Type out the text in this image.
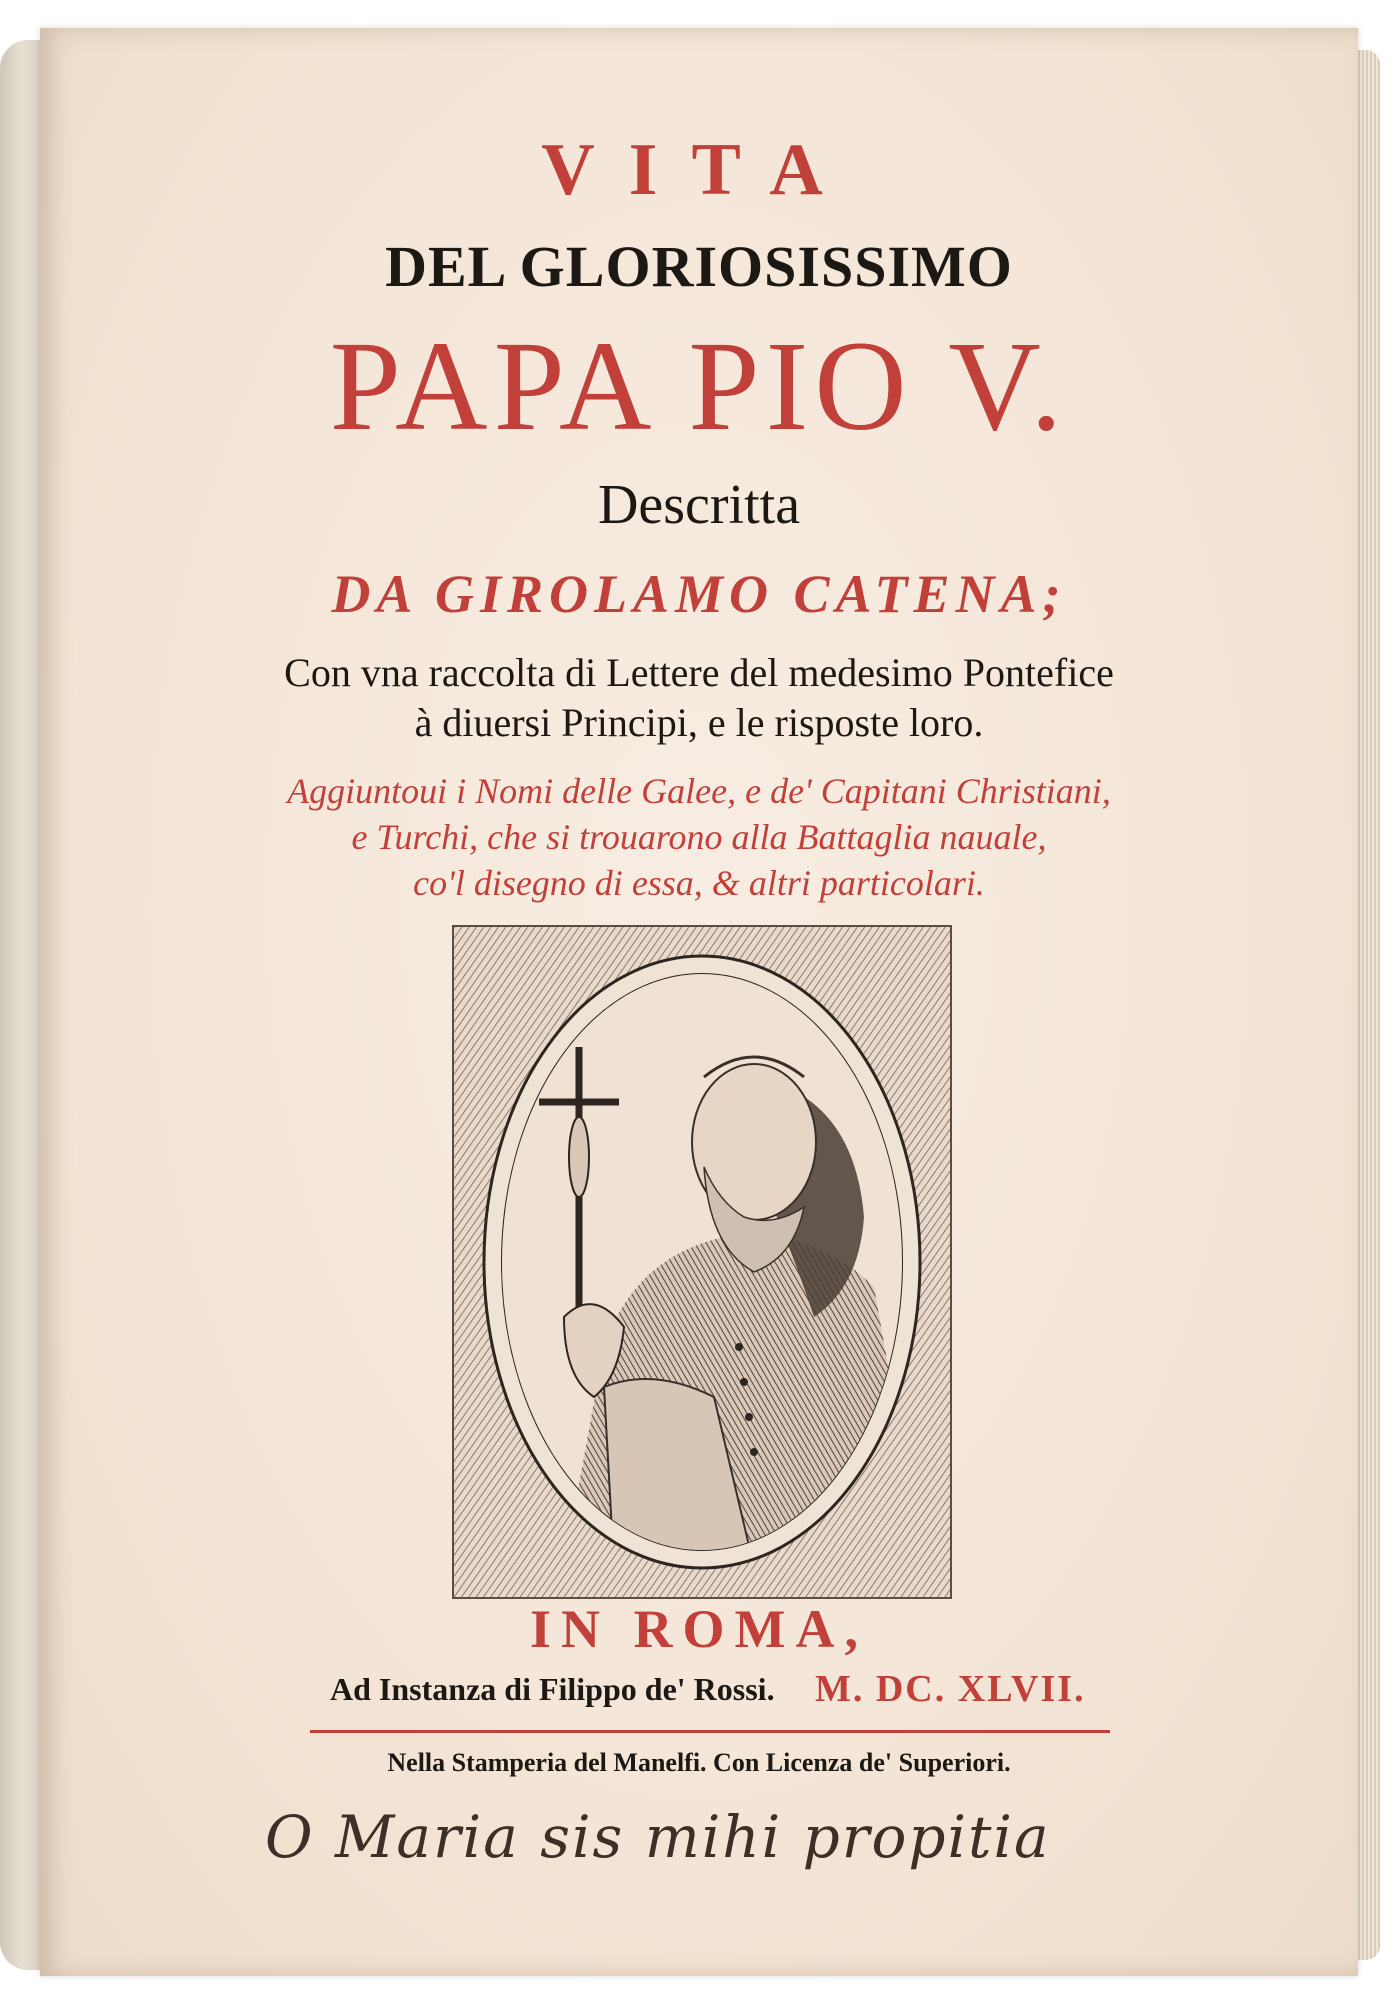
VITA
DEL GLORIOSISSIMO
PAPA PIO V.
Descritta
DA GIROLAMO CATENA;
Con vna raccolta di Lettere del medesimo Pontefice
à diuersi Principi, e le risposte loro.
Aggiuntoui i Nomi delle Galee, e de' Capitani Christiani,
e Turchi, che si trouarono alla Battaglia nauale,
co'l disegno di essa, & altri particolari.
IN ROMA,
Ad Instanza di Filippo de' Rossi. M. DC. XLVII.
Nella Stamperia del Manelfi. Con Licenza de' Superiori.
O Maria sis mihi propitia
